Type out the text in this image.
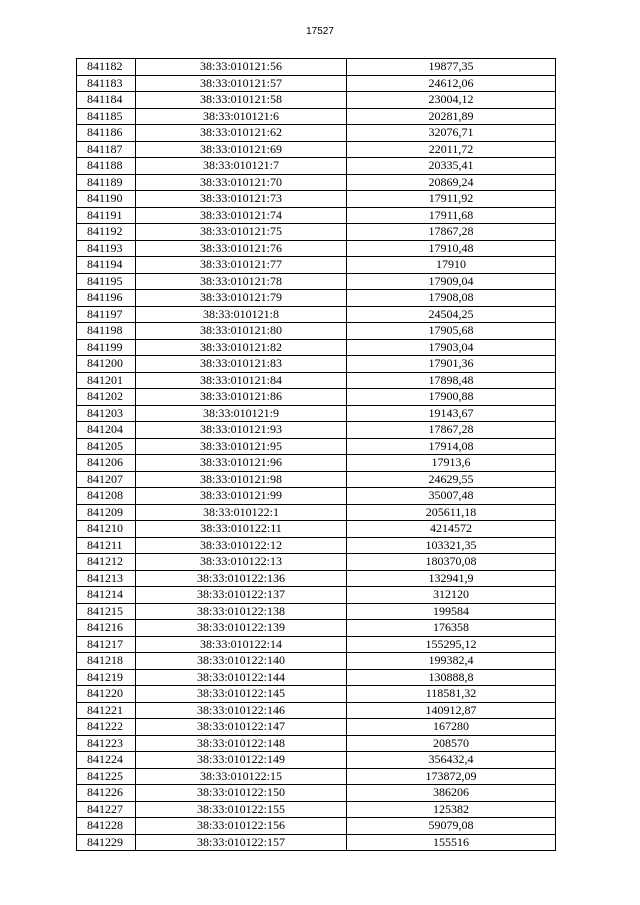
17527
841182	38:33:010121:56	19877,35
841183	38:33:010121:57	24612,06
841184	38:33:010121:58	23004,12
841185	38:33:010121:6	20281,89
841186	38:33:010121:62	32076,71
841187	38:33:010121:69	22011,72
841188	38:33:010121:7	20335,41
841189	38:33:010121:70	20869,24
841190	38:33:010121:73	17911,92
841191	38:33:010121:74	17911,68
841192	38:33:010121:75	17867,28
841193	38:33:010121:76	17910,48
841194	38:33:010121:77	17910
841195	38:33:010121:78	17909,04
841196	38:33:010121:79	17908,08
841197	38:33:010121:8	24504,25
841198	38:33:010121:80	17905,68
841199	38:33:010121:82	17903,04
841200	38:33:010121:83	17901,36
841201	38:33:010121:84	17898,48
841202	38:33:010121:86	17900,88
841203	38:33:010121:9	19143,67
841204	38:33:010121:93	17867,28
841205	38:33:010121:95	17914,08
841206	38:33:010121:96	17913,6
841207	38:33:010121:98	24629,55
841208	38:33:010121:99	35007,48
841209	38:33:010122:1	205611,18
841210	38:33:010122:11	4214572
841211	38:33:010122:12	103321,35
841212	38:33:010122:13	180370,08
841213	38:33:010122:136	132941,9
841214	38:33:010122:137	312120
841215	38:33:010122:138	199584
841216	38:33:010122:139	176358
841217	38:33:010122:14	155295,12
841218	38:33:010122:140	199382,4
841219	38:33:010122:144	130888,8
841220	38:33:010122:145	118581,32
841221	38:33:010122:146	140912,87
841222	38:33:010122:147	167280
841223	38:33:010122:148	208570
841224	38:33:010122:149	356432,4
841225	38:33:010122:15	173872,09
841226	38:33:010122:150	386206
841227	38:33:010122:155	125382
841228	38:33:010122:156	59079,08
841229	38:33:010122:157	155516
